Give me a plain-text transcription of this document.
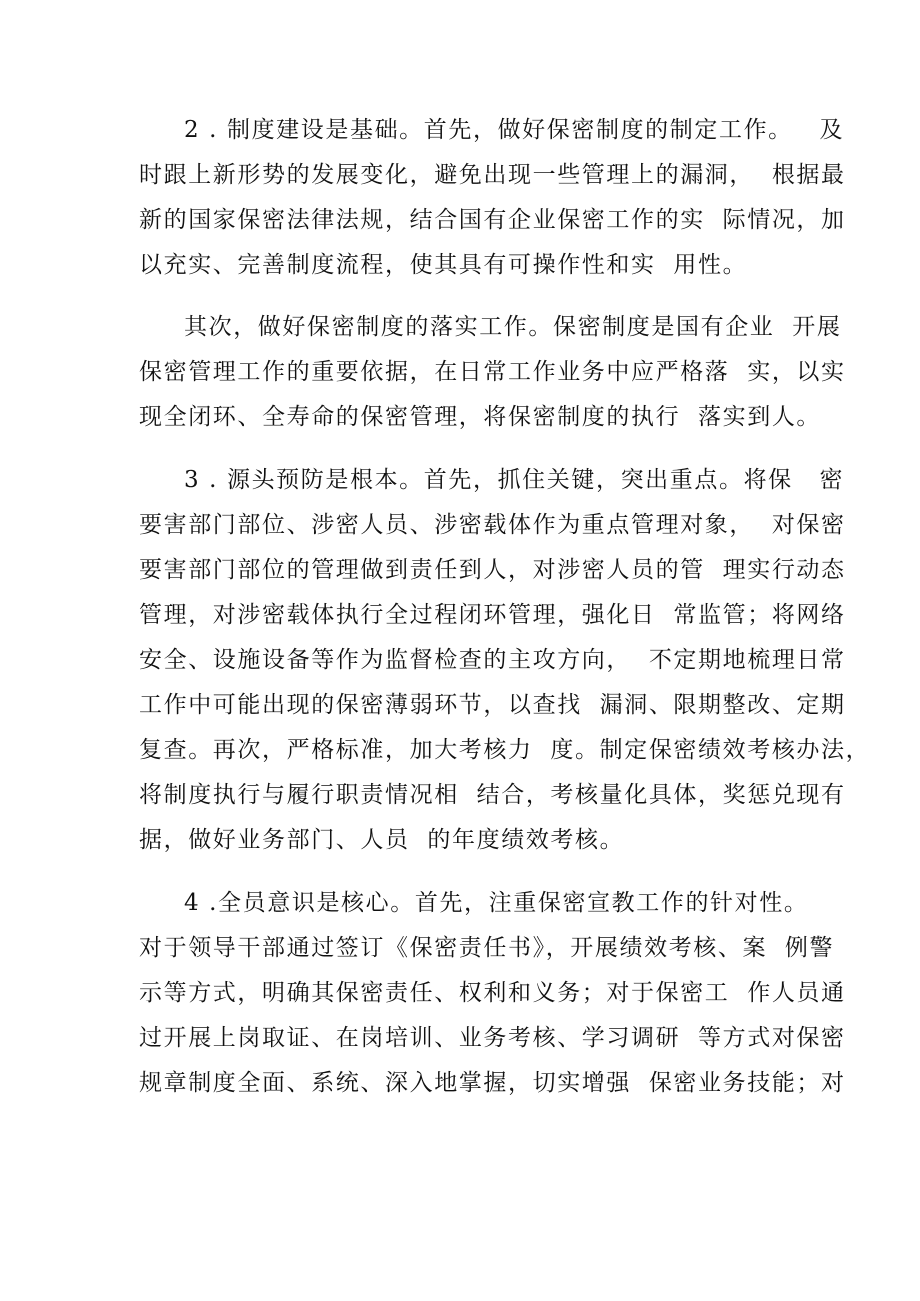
2 . 制度建设是基础。首先，做好保密制度的制定工作。   及
时跟上新形势的发展变化，避免出现一些管理上的漏洞，  根据最
新的国家保密法律法规，结合国有企业保密工作的实  际情况，加
以充实、完善制度流程，使其具有可操作性和实  用性。
其次，做好保密制度的落实工作。保密制度是国有企业  开展
保密管理工作的重要依据，在日常工作业务中应严格落  实，以实
现全闭环、全寿命的保密管理，将保密制度的执行  落实到人。
3 . 源头预防是根本。首先，抓住关键，突出重点。将保   密
要害部门部位、涉密人员、涉密载体作为重点管理对象，  对保密
要害部门部位的管理做到责任到人，对涉密人员的管  理实行动态
管理，对涉密载体执行全过程闭环管理，强化日  常监管；将网络
安全、设施设备等作为监督检查的主攻方向，  不定期地梳理日常
工作中可能出现的保密薄弱环节，以查找  漏洞、限期整改、定期
复查。再次，严格标准，加大考核力  度。制定保密绩效考核办法，
将制度执行与履行职责情况相  结合，考核量化具体，奖惩兑现有
据，做好业务部门、人员  的年度绩效考核。
4 .全员意识是核心。首先，注重保密宣教工作的针对性。
对于领导干部通过签订《保密责任书》，开展绩效考核、案  例警
示等方式，明确其保密责任、权利和义务；对于保密工  作人员通
过开展上岗取证、在岗培训、业务考核、学习调研  等方式对保密
规章制度全面、系统、深入地掌握，切实增强  保密业务技能；对
